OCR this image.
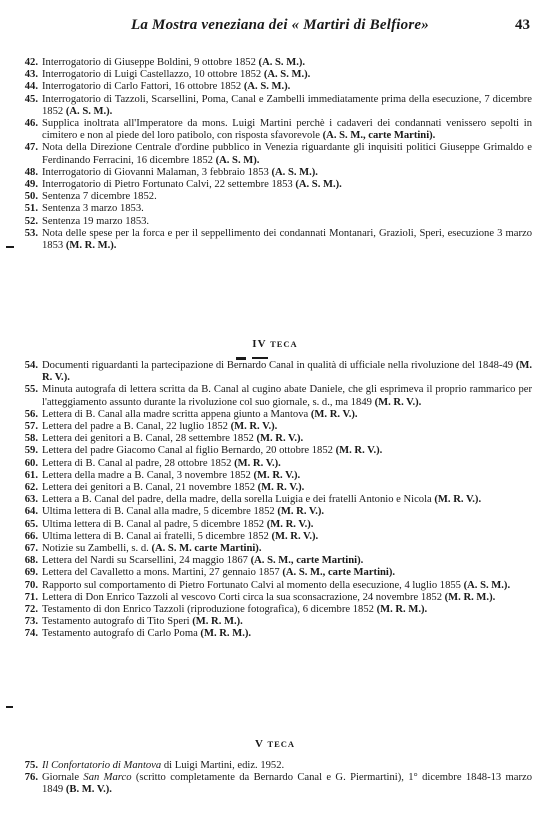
La Mostra veneziana dei « Martiri di Belfiore»	43
42. Interrogatorio di Giuseppe Boldini, 9 ottobre 1852 (A. S. M.).
43. Interrogatorio di Luigi Castellazzo, 10 ottobre 1852 (A. S. M.).
44. Interrogatorio di Carlo Fattori, 16 ottobre 1852 (A. S. M.).
45. Interrogatorio di Tazzoli, Scarsellini, Poma, Canal e Zambelli immediatamente prima della esecuzione, 7 dicembre 1852 (A. S. M.).
46. Supplica inoltrata all'Imperatore da mons. Luigi Martini perchè i cadaveri dei condannati venissero sepolti in cimitero e non al piede del loro patibolo, con risposta sfavorevole (A. S. M., carte Martini).
47. Nota della Direzione Centrale d'ordine pubblico in Venezia riguardante gli inquisiti politici Giuseppe Grimaldo e Ferdinando Ferracini, 16 dicembre 1852 (A. S. M).
48. Interrogatorio di Giovanni Malaman, 3 febbraio 1853 (A. S. M.).
49. Interrogatorio di Pietro Fortunato Calvi, 22 settembre 1853 (A. S. M.).
50. Sentenza 7 dicembre 1852.
51. Sentenza 3 marzo 1853.
52. Sentenza 19 marzo 1853.
53. Nota delle spese per la forca e per il seppellimento dei condannati Montanari, Grazioli, Speri, esecuzione 3 marzo 1853 (M. R. M.).
IV TECA
54. Documenti riguardanti la partecipazione di Bernardo Canal in qualità di ufficiale nella rivoluzione del 1848-49 (M. R. V.).
55. Minuta autografa di lettera scritta da B. Canal al cugino abate Daniele, che gli esprimeva il proprio rammarico per l'atteggiamento assunto durante la rivoluzione col suo giornale, s. d., ma 1849 (M. R. V.).
56. Lettera di B. Canal alla madre scritta appena giunto a Mantova (M. R. V.).
57. Lettera del padre a B. Canal, 22 luglio 1852 (M. R. V.).
58. Lettera dei genitori a B. Canal, 28 settembre 1852 (M. R. V.).
59. Lettera del padre Giacomo Canal al figlio Bernardo, 20 ottobre 1852 (M. R. V.).
60. Lettera di B. Canal al padre, 28 ottobre 1852 (M. R. V.).
61. Lettera della madre a B. Canal, 3 novembre 1852 (M. R. V.).
62. Lettera dei genitori a B. Canal, 21 novembre 1852 (M. R. V.).
63. Lettera a B. Canal del padre, della madre, della sorella Luigia e dei fratelli Antonio e Nicola (M. R. V.).
64. Ultima lettera di B. Canal alla madre, 5 dicembre 1852 (M. R. V.).
65. Ultima lettera di B. Canal al padre, 5 dicembre 1852 (M. R. V.).
66. Ultima lettera di B. Canal ai fratelli, 5 dicembre 1852 (M. R. V.).
67. Notizie su Zambelli, s. d. (A. S. M. carte Martini).
68. Lettera del Nardi su Scarsellini, 24 maggio 1867 (A. S. M., carte Martini).
69. Lettera del Cavalletto a mons. Martini, 27 gennaio 1857 (A. S. M., carte Martini).
70. Rapporto sul comportamento di Pietro Fortunato Calvi al momento della esecuzione, 4 luglio 1855 (A. S. M.).
71. Lettera di Don Enrico Tazzoli al vescovo Corti circa la sua sconsacrazione, 24 novembre 1852 (M. R. M.).
72. Testamento di don Enrico Tazzoli (riproduzione fotografica), 6 dicembre 1852 (M. R. M.).
73. Testamento autografo di Tito Speri (M. R. M.).
74. Testamento autografo di Carlo Poma (M. R. M.).
V TECA
75. Il Confortatorio di Mantova di Luigi Martini, ediz. 1952.
76. Giornale San Marco (scritto completamente da Bernardo Canal e G. Piermartini), 1° dicembre 1848-13 marzo 1849 (B. M. V.).
